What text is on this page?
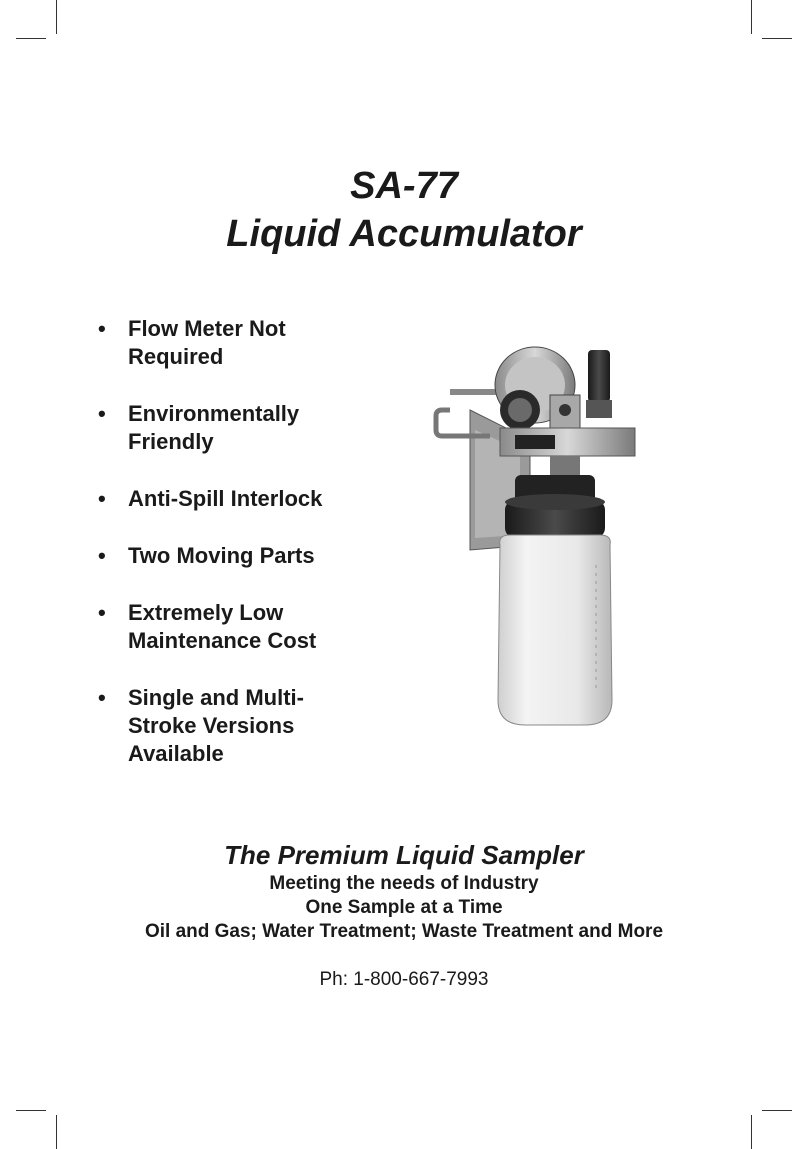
SA-77
Liquid Accumulator
• Flow Meter Not
Required
• Environmentally
Friendly
• Anti-Spill Interlock
• Two Moving Parts
• Extremely Low
Maintenance Cost
• Single and Multi-
Stroke Versions
Available
The Premium Liquid Sampler
Meeting the needs of Industry
One Sample at a Time
Oil and Gas; Water Treatment; Waste Treatment and More
Ph: 1-800-667-7993
